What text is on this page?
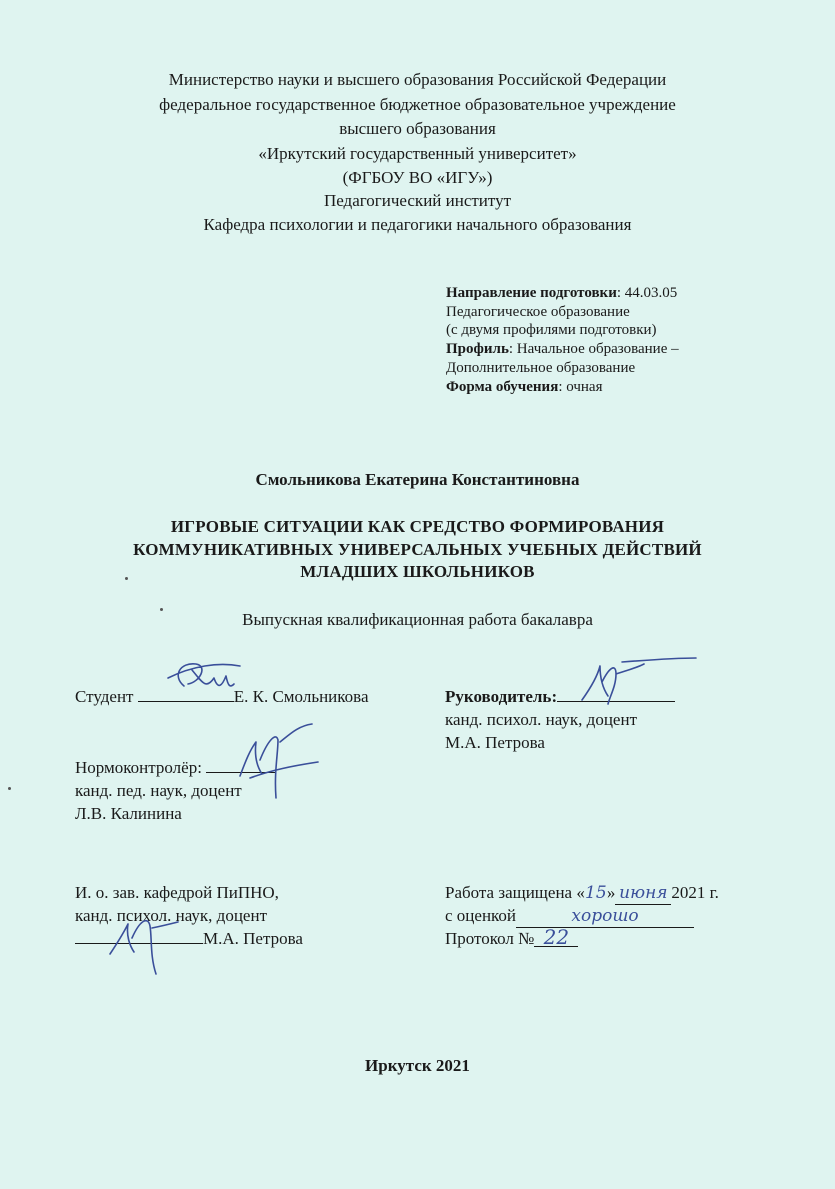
Министерство науки и высшего образования Российской Федерации
федеральное государственное бюджетное образовательное учреждение
высшего образования
«Иркутский государственный университет»
(ФГБОУ ВО «ИГУ»)
Педагогический институт
Кафедра психологии и педагогики начального образования
Направление подготовки: 44.03.05
Педагогическое образование
(с двумя профилями подготовки)
Профиль: Начальное образование –
Дополнительное образование
Форма обучения: очная
Смольникова Екатерина Константиновна
ИГРОВЫЕ СИТУАЦИИ КАК СРЕДСТВО ФОРМИРОВАНИЯ
КОММУНИКАТИВНЫХ УНИВЕРСАЛЬНЫХ УЧЕБНЫХ ДЕЙСТВИЙ
МЛАДШИХ ШКОЛЬНИКОВ
Выпускная квалификационная работа бакалавра
Студент	Е. К. Смольникова	Руководитель:
канд. психол. наук, доцент
М.А. Петрова
Нормоконтролёр:
канд. пед. наук, доцент
Л.В. Калинина
И. о. зав. кафедрой ПиПНО,
канд. психол. наук, доцент
М.А. Петрова
Работа защищена «15» июня 2021 г.
с оценкой	хорошо
Протокол № 22
Иркутск 2021
